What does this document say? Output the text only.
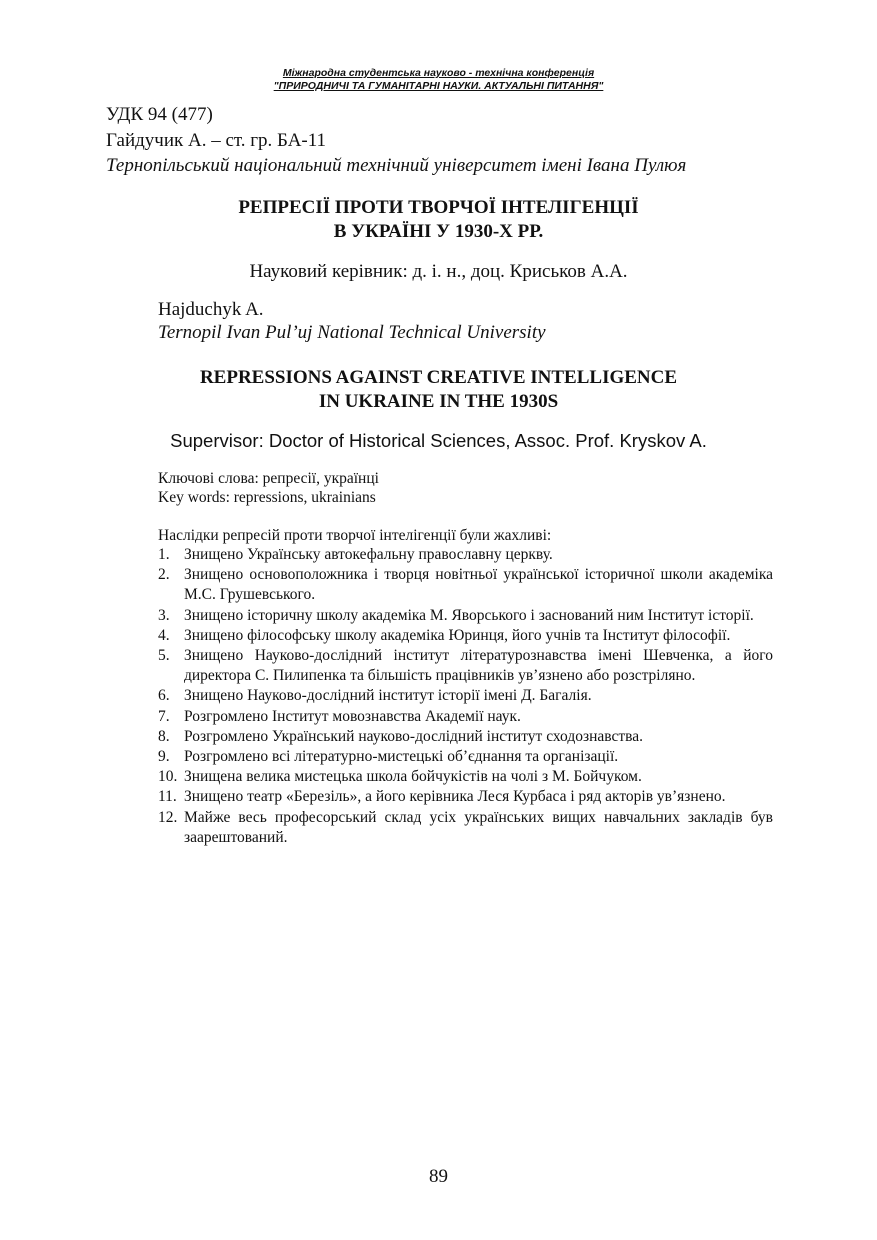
Міжнародна студентська науково - технічна конференція
"ПРИРОДНИЧІ ТА ГУМАНІТАРНІ НАУКИ. АКТУАЛЬНІ ПИТАННЯ"
УДК 94 (477)
Гайдучик А. – ст. гр. БА-11
Тернопільський національний технічний університет імені Івана Пулюя
РЕПРЕСІЇ ПРОТИ ТВОРЧОЇ ІНТЕЛІГЕНЦІЇ
В УКРАЇНІ У 1930-Х РР.
Науковий керівник: д. і. н., доц. Криськов А.А.
Hajduchyk A.
Ternopil Ivan Pul’uj National Technical University
REPRESSIONS AGAINST CREATIVE INTELLIGENCE
IN UKRAINE IN THE 1930S
Supervisor: Doctor of Historical Sciences, Assoc. Prof. Kryskov A.
Ключові слова: репресії, українці
Key words: repressions, ukrainians
Наслідки репресій проти творчої інтелігенції були жахливі:
1. Знищено Українську автокефальну православну церкву.
2. Знищено основоположника і творця новітньої української історичної школи академіка М.С. Грушевського.
3. Знищено історичну школу академіка М. Яворського і заснований ним Інститут історії.
4. Знищено філософську школу академіка Юринця, його учнів та Інститут філософії.
5. Знищено Науково-дослідний інститут літературознавства імені Шевченка, а його директора С. Пилипенка та більшість працівників ув’язнено або розстріляно.
6. Знищено Науково-дослідний інститут історії імені Д. Багалія.
7. Розгромлено Інститут мовознавства Академії наук.
8. Розгромлено Український науково-дослідний інститут сходознавства.
9. Розгромлено всі літературно-мистецькі об’єднання та організації.
10. Знищена велика мистецька школа бойчукістів на чолі з М. Бойчуком.
11. Знищено театр «Березіль», а його керівника Леся Курбаса і ряд акторів ув’язнено.
12. Майже весь професорський склад усіх українських вищих навчальних закладів був заарештований.
89
